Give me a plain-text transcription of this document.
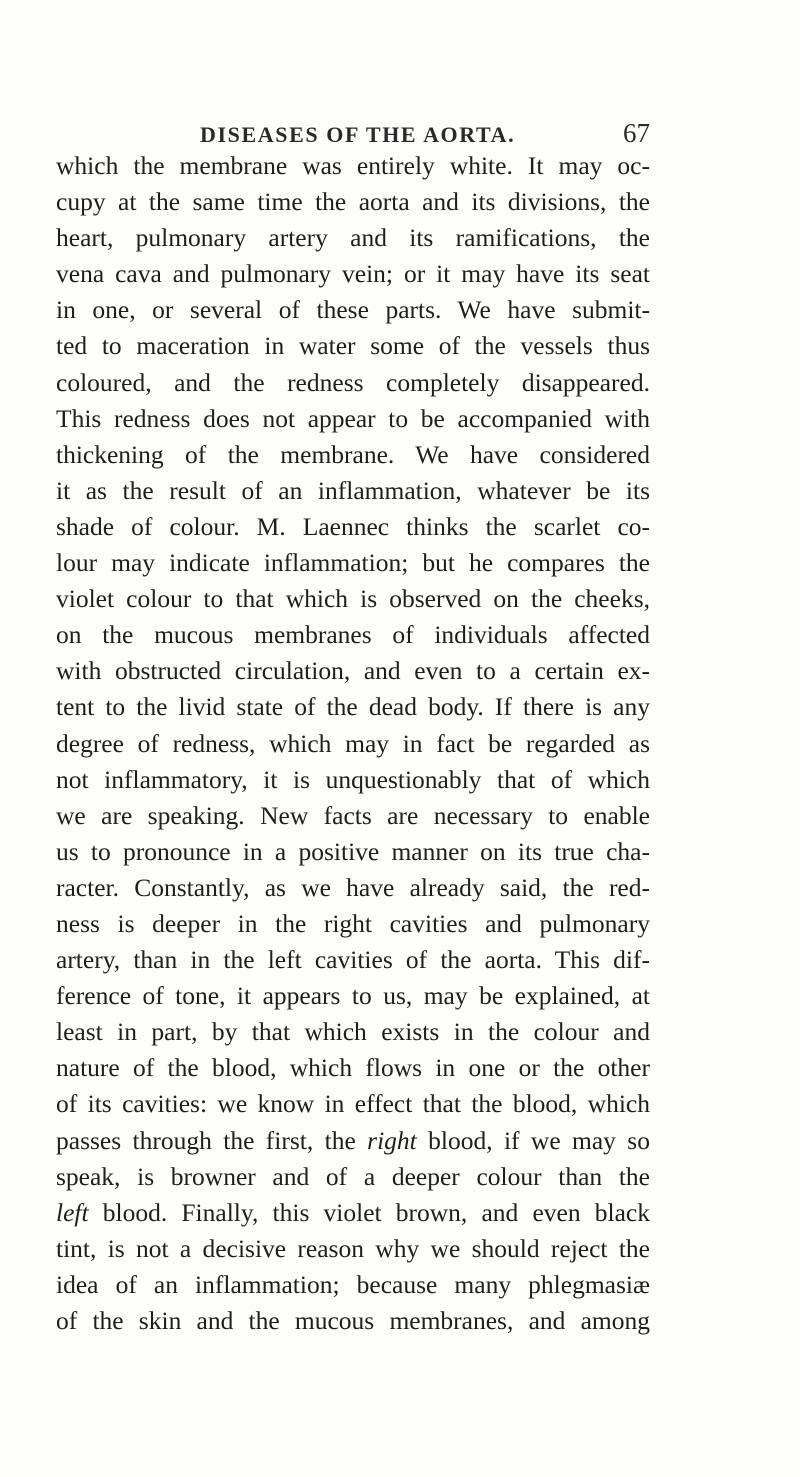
DISEASES OF THE AORTA.	67
which the membrane was entirely white. It may oc-
cupy at the same time the aorta and its divisions, the
heart, pulmonary artery and its ramifications, the
vena cava and pulmonary vein; or it may have its seat
in one, or several of these parts. We have submit-
ted to maceration in water some of the vessels thus
coloured, and the redness completely disappeared.
This redness does not appear to be accompanied with
thickening of the membrane. We have considered
it as the result of an inflammation, whatever be its
shade of colour. M. Laennec thinks the scarlet co-
lour may indicate inflammation; but he compares the
violet colour to that which is observed on the cheeks,
on the mucous membranes of individuals affected
with obstructed circulation, and even to a certain ex-
tent to the livid state of the dead body. If there is any
degree of redness, which may in fact be regarded as
not inflammatory, it is unquestionably that of which
we are speaking. New facts are necessary to enable
us to pronounce in a positive manner on its true cha-
racter. Constantly, as we have already said, the red-
ness is deeper in the right cavities and pulmonary
artery, than in the left cavities of the aorta. This dif-
ference of tone, it appears to us, may be explained, at
least in part, by that which exists in the colour and
nature of the blood, which flows in one or the other
of its cavities: we know in effect that the blood, which
passes through the first, the right blood, if we may so
speak, is browner and of a deeper colour than the
left blood. Finally, this violet brown, and even black
tint, is not a decisive reason why we should reject the
idea of an inflammation; because many phlegmasiæ
of the skin and the mucous membranes, and among
